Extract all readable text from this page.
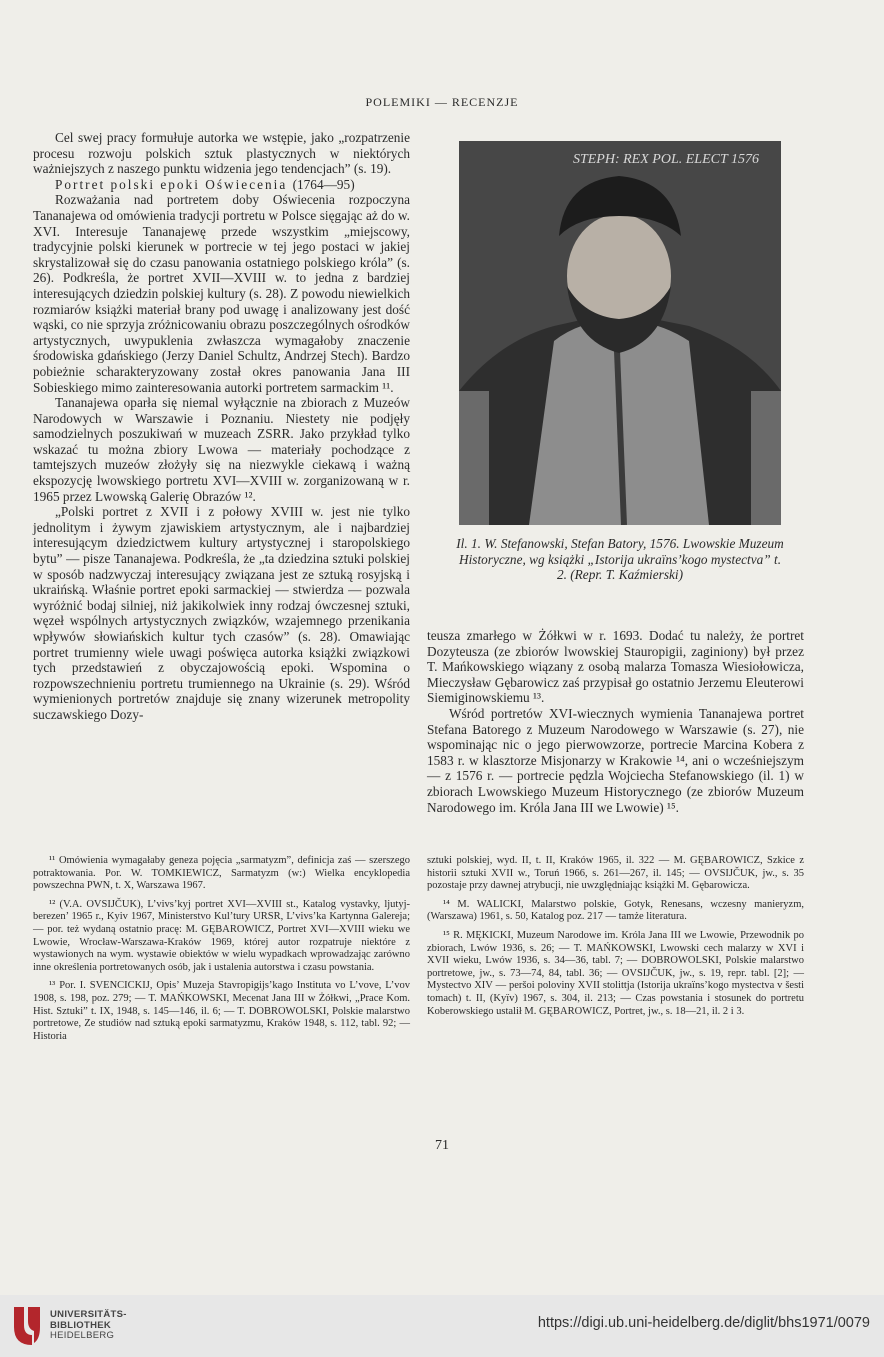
POLEMIKI — RECENZJE

Cel swej pracy formułuje autorka we wstępie, jako „rozpatrzenie procesu rozwoju polskich sztuk plastycznych w niektórych ważniejszych z naszego punktu widzenia jego tendencjach” (s. 19).

Portret polski epoki Oświecenia (1764—95)

Rozważania nad portretem doby Oświecenia rozpoczyna Tananajewa od omówienia tradycji portretu w Polsce sięgając aż do w. XVI. Interesuje Tananajewę przede wszystkim „miejscowy, tradycyjnie polski kierunek w portrecie w tej jego postaci w jakiej skrystalizował się do czasu panowania ostatniego polskiego króla” (s. 26). Podkreśla, że portret XVII—XVIII w. to jedna z bardziej interesujących dziedzin polskiej kultury (s. 28). Z powodu niewielkich rozmiarów książki materiał brany pod uwagę i analizowany jest dość wąski, co nie sprzyja zróżnicowaniu obrazu poszczególnych ośrodków artystycznych, uwypuklenia zwłaszcza wymagałoby znaczenie środowiska gdańskiego (Jerzy Daniel Schultz, Andrzej Stech). Bardzo pobieżnie scharakteryzowany został okres panowania Jana III Sobieskiego mimo zainteresowania autorki portretem sarmackim ¹¹.

Tananajewa oparła się niemal wyłącznie na zbiorach z Muzeów Narodowych w Warszawie i Poznaniu. Niestety nie podjęły samodzielnych poszukiwań w muzeach ZSRR. Jako przykład tylko wskazać tu można zbiory Lwowa — materiały pochodzące z tamtejszych muzeów złożyły się na niezwykle ciekawą i ważną ekspozycję lwowskiego portretu XVI—XVIII w. zorganizowaną w r. 1965 przez Lwowską Galerię Obrazów ¹².

„Polski portret z XVII i z połowy XVIII w. jest nie tylko jednolitym i żywym zjawiskiem artystycznym, ale i najbardziej interesującym dziedzictwem kultury artystycznej i staropolskiego bytu” — pisze Tananajewa. Podkreśla, że „ta dziedzina sztuki polskiej w sposób nadzwyczaj interesujący związana jest ze sztuką rosyjską i ukraińską. Właśnie portret epoki sarmackiej — stwierdza — pozwala wyróżnić bodaj silniej, niż jakikolwiek inny rodzaj ówczesnej sztuki, węzeł wspólnych artystycznych związków, wzajemnego przenikania wpływów słowiańskich kultur tych czasów” (s. 28). Omawiając portret trumienny wiele uwagi poświęca autorka książki związkowi tych przedstawień z obyczajowością epoki. Wspomina o rozpowszechnieniu portretu trumiennego na Ukrainie (s. 29). Wśród wymienionych portretów znajduje się znany wizerunek metropolity suczawskiego Dozy-

STEPH: REX POL. ELECT 1576
Il. 1. W. Stefanowski, Stefan Batory, 1576. Lwowskie Muzeum Historyczne, wg książki „Istorija ukraїns’kogo mystectva” t. 2. (Repr. T. Kaźmierski)

teusza zmarłego w Żółkwi w r. 1693. Dodać tu należy, że portret Dozyteusza (ze zbiorów lwowskiej Stauropigii, zaginiony) był przez T. Mańkowskiego wiązany z osobą malarza Tomasza Wiesiołowicza, Mieczysław Gębarowicz zaś przypisał go ostatnio Jerzemu Eleuterowi Siemiginowskiemu ¹³.

Wśród portretów XVI-wiecznych wymienia Tananajewa portret Stefana Batorego z Muzeum Narodowego w Warszawie (s. 27), nie wspominając nic o jego pierwowzorze, portrecie Marcina Kobera z 1583 r. w klasztorze Misjonarzy w Krakowie ¹⁴, ani o wcześniejszym — z 1576 r. — portrecie pędzla Wojciecha Stefanowskiego (il. 1) w zbiorach Lwowskiego Muzeum Historycznego (ze zbiorów Muzeum Narodowego im. Króla Jana III we Lwowie) ¹⁵.

¹¹ Omówienia wymagałaby geneza pojęcia „sarmatyzm”, definicja zaś — szerszego potraktowania. Por. W. TOMKIEWICZ, Sarmatyzm (w:) Wielka encyklopedia powszechna PWN, t. X, Warszawa 1967.

¹² (V.A. OVSIJČUK), L’vivs’kyj portret XVI—XVIII st., Katalog vystavky, ljutyj-berezen’ 1965 r., Kyiv 1967, Ministerstvo Kul’tury URSR, L’vivs’ka Kartynna Galereja; — por. też wydaną ostatnio pracę: M. GĘBAROWICZ, Portret XVI—XVIII wieku we Lwowie, Wrocław-Warszawa-Kraków 1969, której autor rozpatruje niektóre z wystawionych na wym. wystawie obiektów w wielu wypadkach wprowadzając zarówno inne określenia portretowanych osób, jak i ustalenia autorstwa i czasu powstania.

¹³ Por. I. SVENCICKIJ, Opis’ Muzeja Stavropigijs’kago Instituta vo L’vove, L’vov 1908, s. 198, poz. 279; — T. MAŃKOWSKI, Mecenat Jana III w Żółkwi, „Prace Kom. Hist. Sztuki” t. IX, 1948, s. 145—146, il. 6; — T. DOBROWOLSKI, Polskie malarstwo portretowe, Ze studiów nad sztuką epoki sarmatyzmu, Kraków 1948, s. 112, tabl. 92; — Historia

sztuki polskiej, wyd. II, t. II, Kraków 1965, il. 322 — M. GĘBAROWICZ, Szkice z historii sztuki XVII w., Toruń 1966, s. 261—267, il. 145; — OVSIJČUK, jw., s. 35 pozostaje przy dawnej atrybucji, nie uwzględniając książki M. Gębarowicza.

¹⁴ M. WALICKI, Malarstwo polskie, Gotyk, Renesans, wczesny manieryzm, (Warszawa) 1961, s. 50, Katalog poz. 217 — tamże literatura.

¹⁵ R. MĘKICKI, Muzeum Narodowe im. Króla Jana III we Lwowie, Przewodnik po zbiorach, Lwów 1936, s. 26; — T. MAŃKOWSKI, Lwowski cech malarzy w XVI i XVII wieku, Lwów 1936, s. 34—36, tabl. 7; — DOBROWOLSKI, Polskie malarstwo portretowe, jw., s. 73—74, 84, tabl. 36; — OVSIJČUK, jw., s. 19, repr. tabl. [2]; — Mystectvo XIV — peršoi poloviny XVII stolittja (Istorija ukraїns’kogo mystectva v šesti tomach) t. II, (Kyїv) 1967, s. 304, il. 213; — Czas powstania i stosunek do portretu Koberowskiego ustalił M. GĘBAROWICZ, Portret, jw., s. 18—21, il. 2 i 3.

71
UNIVERSITÄTS-
BIBLIOTHEK
HEIDELBERG
https://digi.ub.uni-heidelberg.de/diglit/bhs1971/0079
